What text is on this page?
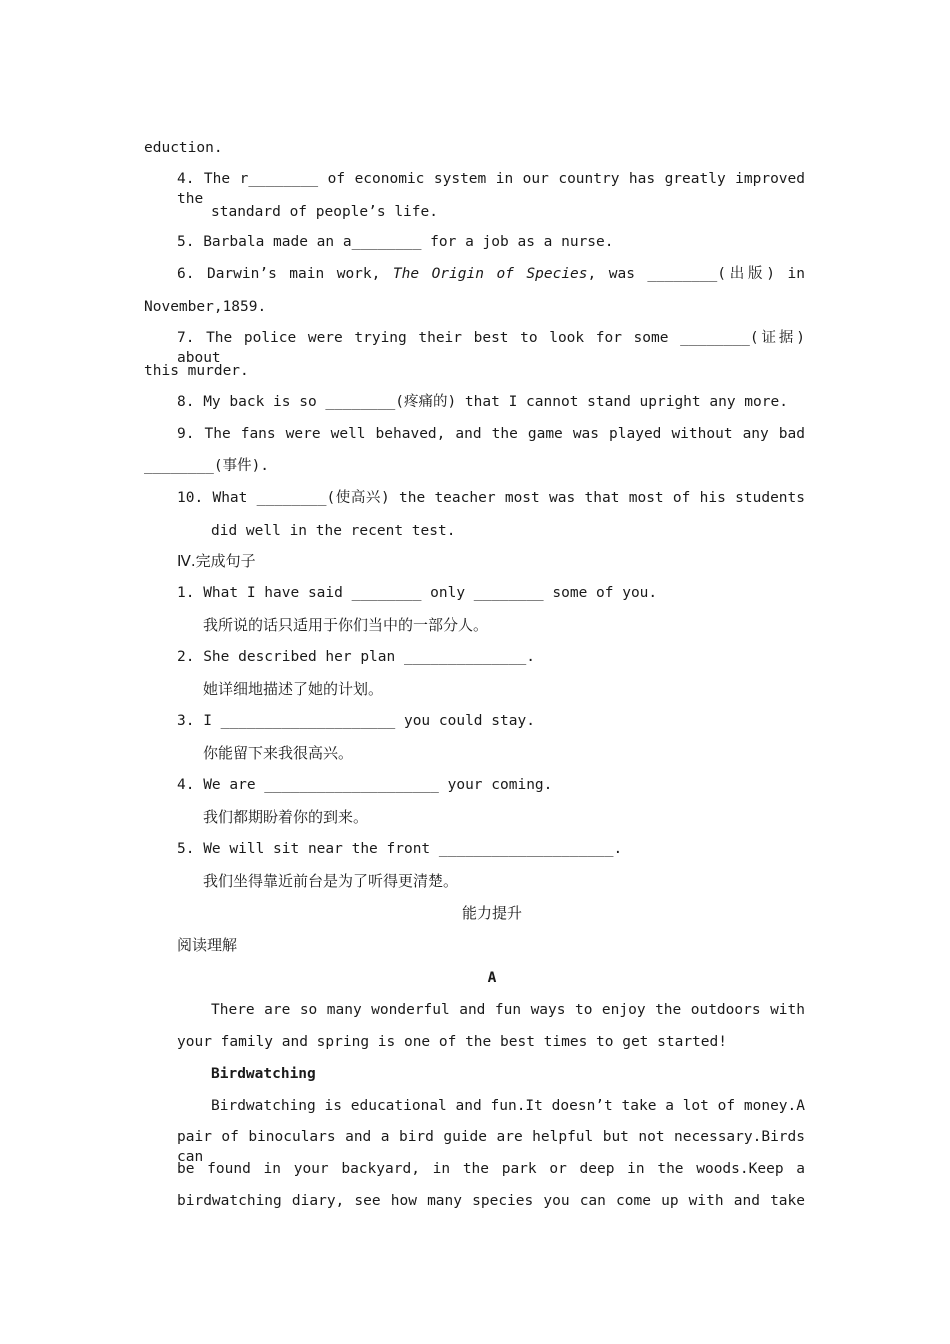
eduction.
4. The r________ of economic system in our country has greatly improved the
standard of people’s life.
5. Barbala made an a________ for a job as a nurse.
6. Darwin’s main work, The Origin of Species, was ________(出版) in
November,1859.
7. The police were trying their best to look for some ________(证据) about
this murder.
8. My back is so ________(疼痛的) that I cannot stand upright any more.
9. The fans were well behaved, and the game was played without any bad
________(事件).
10. What ________(使高兴) the teacher most was that most of his students
did well in the recent test.
Ⅳ.完成句子
1. What I have said ________ only ________ some of you.
我所说的话只适用于你们当中的一部分人。
2. She described her plan ______________.
她详细地描述了她的计划。
3. I ____________________ you could stay.
你能留下来我很高兴。
4. We are ____________________ your coming.
我们都期盼着你的到来。
5. We will sit near the front ____________________.
我们坐得靠近前台是为了听得更清楚。
能力提升
阅读理解
A
There are so many wonderful and fun ways to enjoy the outdoors with
your family and spring is one of the best times to get started!
Birdwatching
Birdwatching is educational and fun.It doesn’t take a lot of money.A
pair of binoculars and a bird guide are helpful but not necessary.Birds can
be found in your backyard, in the park or deep in the woods.Keep a
birdwatching diary, see how many species you can come up with and take
